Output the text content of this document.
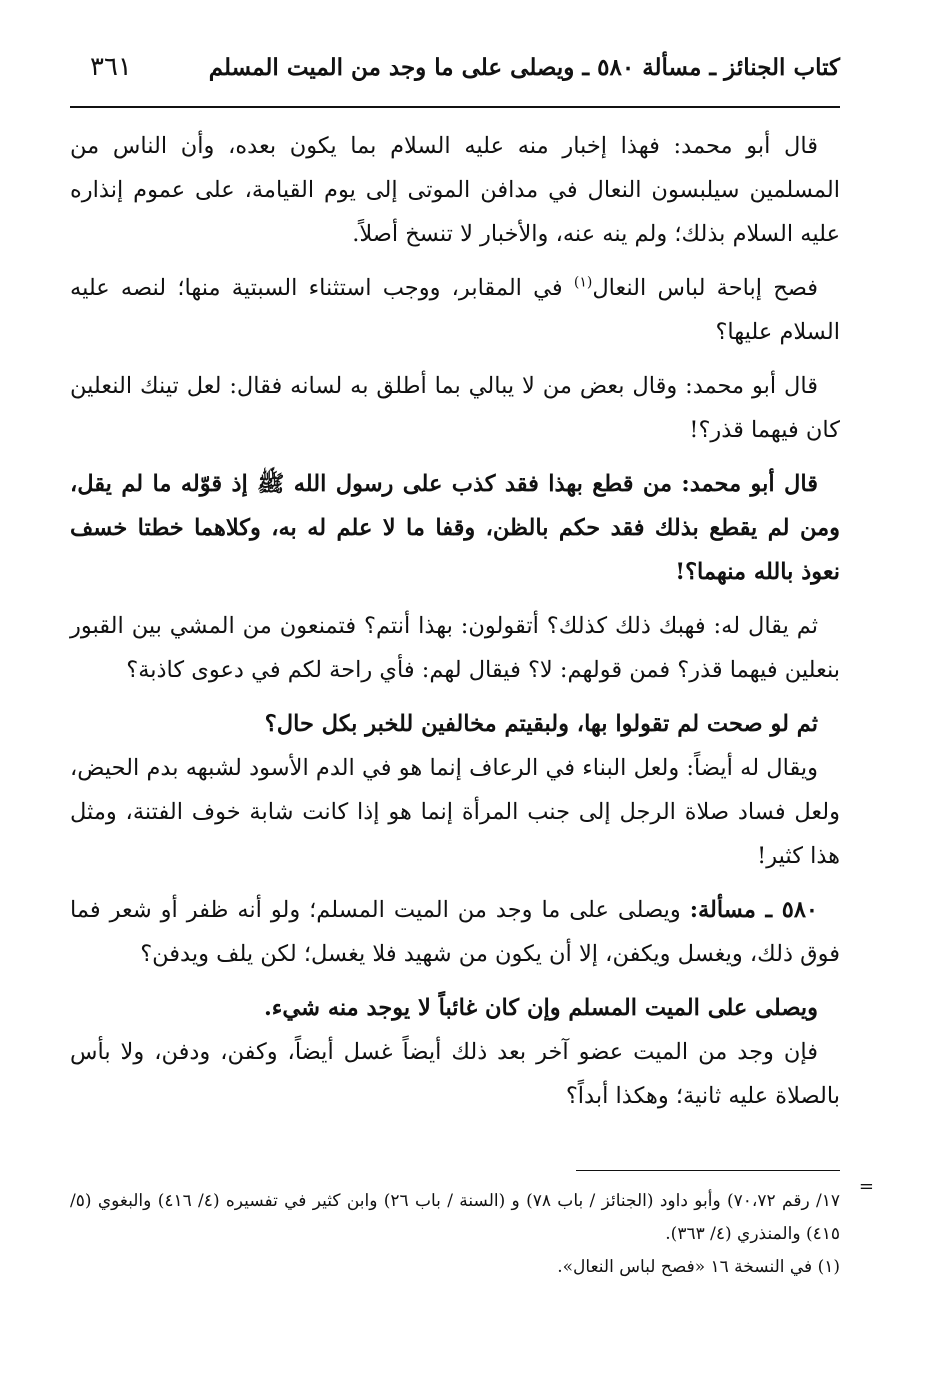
كتاب الجنائز ـ مسألة ٥٨٠ ـ ويصلى على ما وجد من الميت المسلم
٣٦١

قال أبو محمد: فهذا إخبار منه عليه السلام بما يكون بعده، وأن الناس من المسلمين سيلبسون النعال في مدافن الموتى إلى يوم القيامة، على عموم إنذاره عليه السلام بذلك؛ ولم ينه عنه، والأخبار لا تنسخ أصلاً.

فصح إباحة لباس النعال$^{(١)}$ في المقابر، ووجب استثناء السبتية منها؛ لنصه عليه السلام عليها؟

قال أبو محمد: وقال بعض من لا يبالي بما أطلق به لسانه فقال: لعل تينك النعلين كان فيهما قذر؟!

قال أبو محمد: من قطع بهذا فقد كذب على رسول الله ﷺ إذ قوّله ما لم يقل، ومن لم يقطع بذلك فقد حكم بالظن، وقفا ما لا علم له به، وكلاهما خطتا خسف نعوذ بالله منهما؟!

ثم يقال له: فهبك ذلك كذلك؟ أتقولون: بهذا أنتم؟ فتمنعون من المشي بين القبور بنعلين فيهما قذر؟ فمن قولهم: لا؟ فيقال لهم: فأي راحة لكم في دعوى كاذبة؟

ثم لو صحت لم تقولوا بها، ولبقيتم مخالفين للخبر بكل حال؟

ويقال له أيضاً: ولعل البناء في الرعاف إنما هو في الدم الأسود لشبهه بدم الحيض، ولعل فساد صلاة الرجل إلى جنب المرأة إنما هو إذا كانت شابة خوف الفتنة، ومثل هذا كثير!

٥٨٠ ـ مسألة: ويصلى على ما وجد من الميت المسلم؛ ولو أنه ظفر أو شعر فما فوق ذلك، ويغسل ويكفن، إلا أن يكون من شهيد فلا يغسل؛ لكن يلف ويدفن؟

ويصلى على الميت المسلم وإن كان غائباً لا يوجد منه شيء.

فإن وجد من الميت عضو آخر بعد ذلك أيضاً غسل أيضاً، وكفن، ودفن، ولا بأس بالصلاة عليه ثانية؛ وهكذا أبداً؟

=

١٧/ رقم ٧٠،٧٢) وأبو داود (الجنائز / باب ٧٨) و (السنة / باب ٢٦) وابن كثير في تفسيره (٤/ ٤١٦) والبغوي (٥/ ٤١٥) والمنذري (٤/ ٣٦٣).

(١) في النسخة ١٦ «فصح لباس النعال».
